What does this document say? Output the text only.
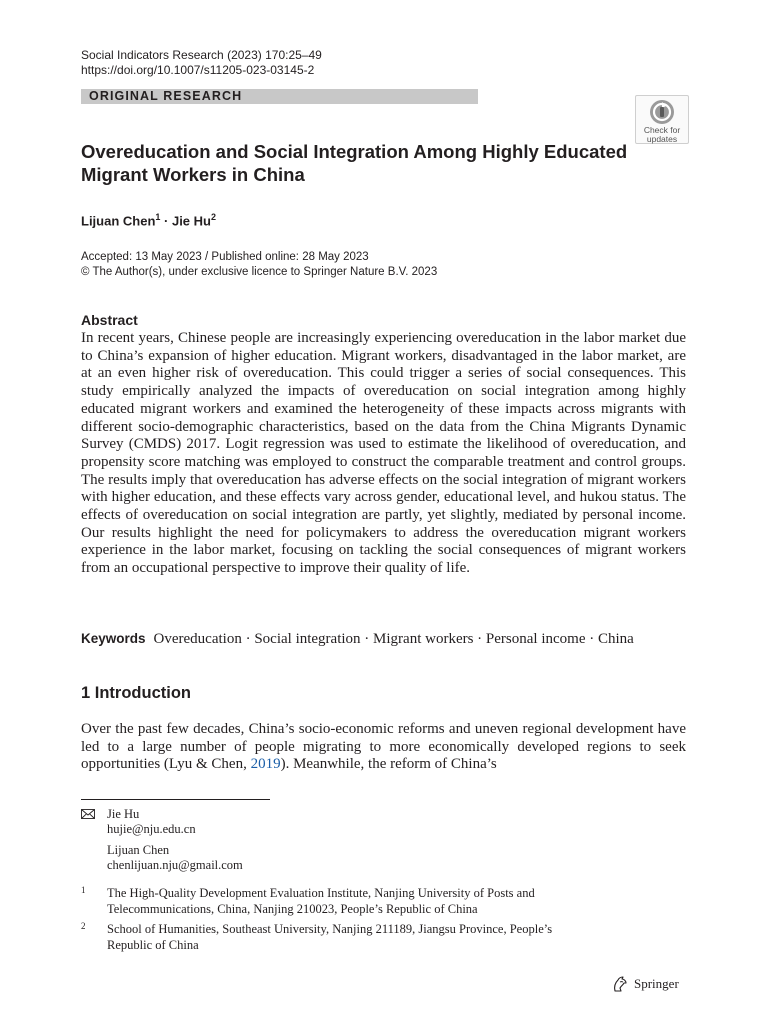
Social Indicators Research (2023) 170:25–49
https://doi.org/10.1007/s11205-023-03145-2
ORIGINAL RESEARCH
Check for updates
Overeducation and Social Integration Among Highly Educated Migrant Workers in China
Lijuan Chen$^1$ · Jie Hu$^2$
Accepted: 13 May 2023 / Published online: 28 May 2023
© The Author(s), under exclusive licence to Springer Nature B.V. 2023
Abstract

In recent years, Chinese people are increasingly experiencing overeducation in the labor market due to China’s expansion of higher education. Migrant workers, disadvantaged in the labor market, are at an even higher risk of overeducation. This could trigger a series of social consequences. This study empirically analyzed the impacts of overeducation on social integration among highly educated migrant workers and examined the heterogeneity of these impacts across migrants with different socio-demographic characteristics, based on the data from the China Migrants Dynamic Survey (CMDS) 2017. Logit regression was used to estimate the likelihood of overeducation, and propensity score matching was employed to construct the comparable treatment and control groups. The results imply that overeducation has adverse effects on the social integration of migrant workers with higher education, and these effects vary across gender, educational level, and hukou status. The effects of overeducation on social integration are partly, yet slightly, mediated by personal income. Our results highlight the need for policymakers to address the overeducation migrant workers experience in the labor market, focusing on tackling the social consequences of migrant workers from an occupational perspective to improve their quality of life.

Keywords Overeducation · Social integration · Migrant workers · Personal income · China
1 Introduction

Over the past few decades, China’s socio-economic reforms and uneven regional development have led to a large number of people migrating to more economically developed regions to seek opportunities (Lyu & Chen, 2019). Meanwhile, the reform of China’s

Jie Hu
hujie@nju.edu.cn
Lijuan Chen
chenlijuan.nju@gmail.com
1 The High-Quality Development Evaluation Institute, Nanjing University of Posts and Telecommunications, China, Nanjing 210023, People’s Republic of China
2 School of Humanities, Southeast University, Nanjing 211189, Jiangsu Province, People’s Republic of China
Springer
